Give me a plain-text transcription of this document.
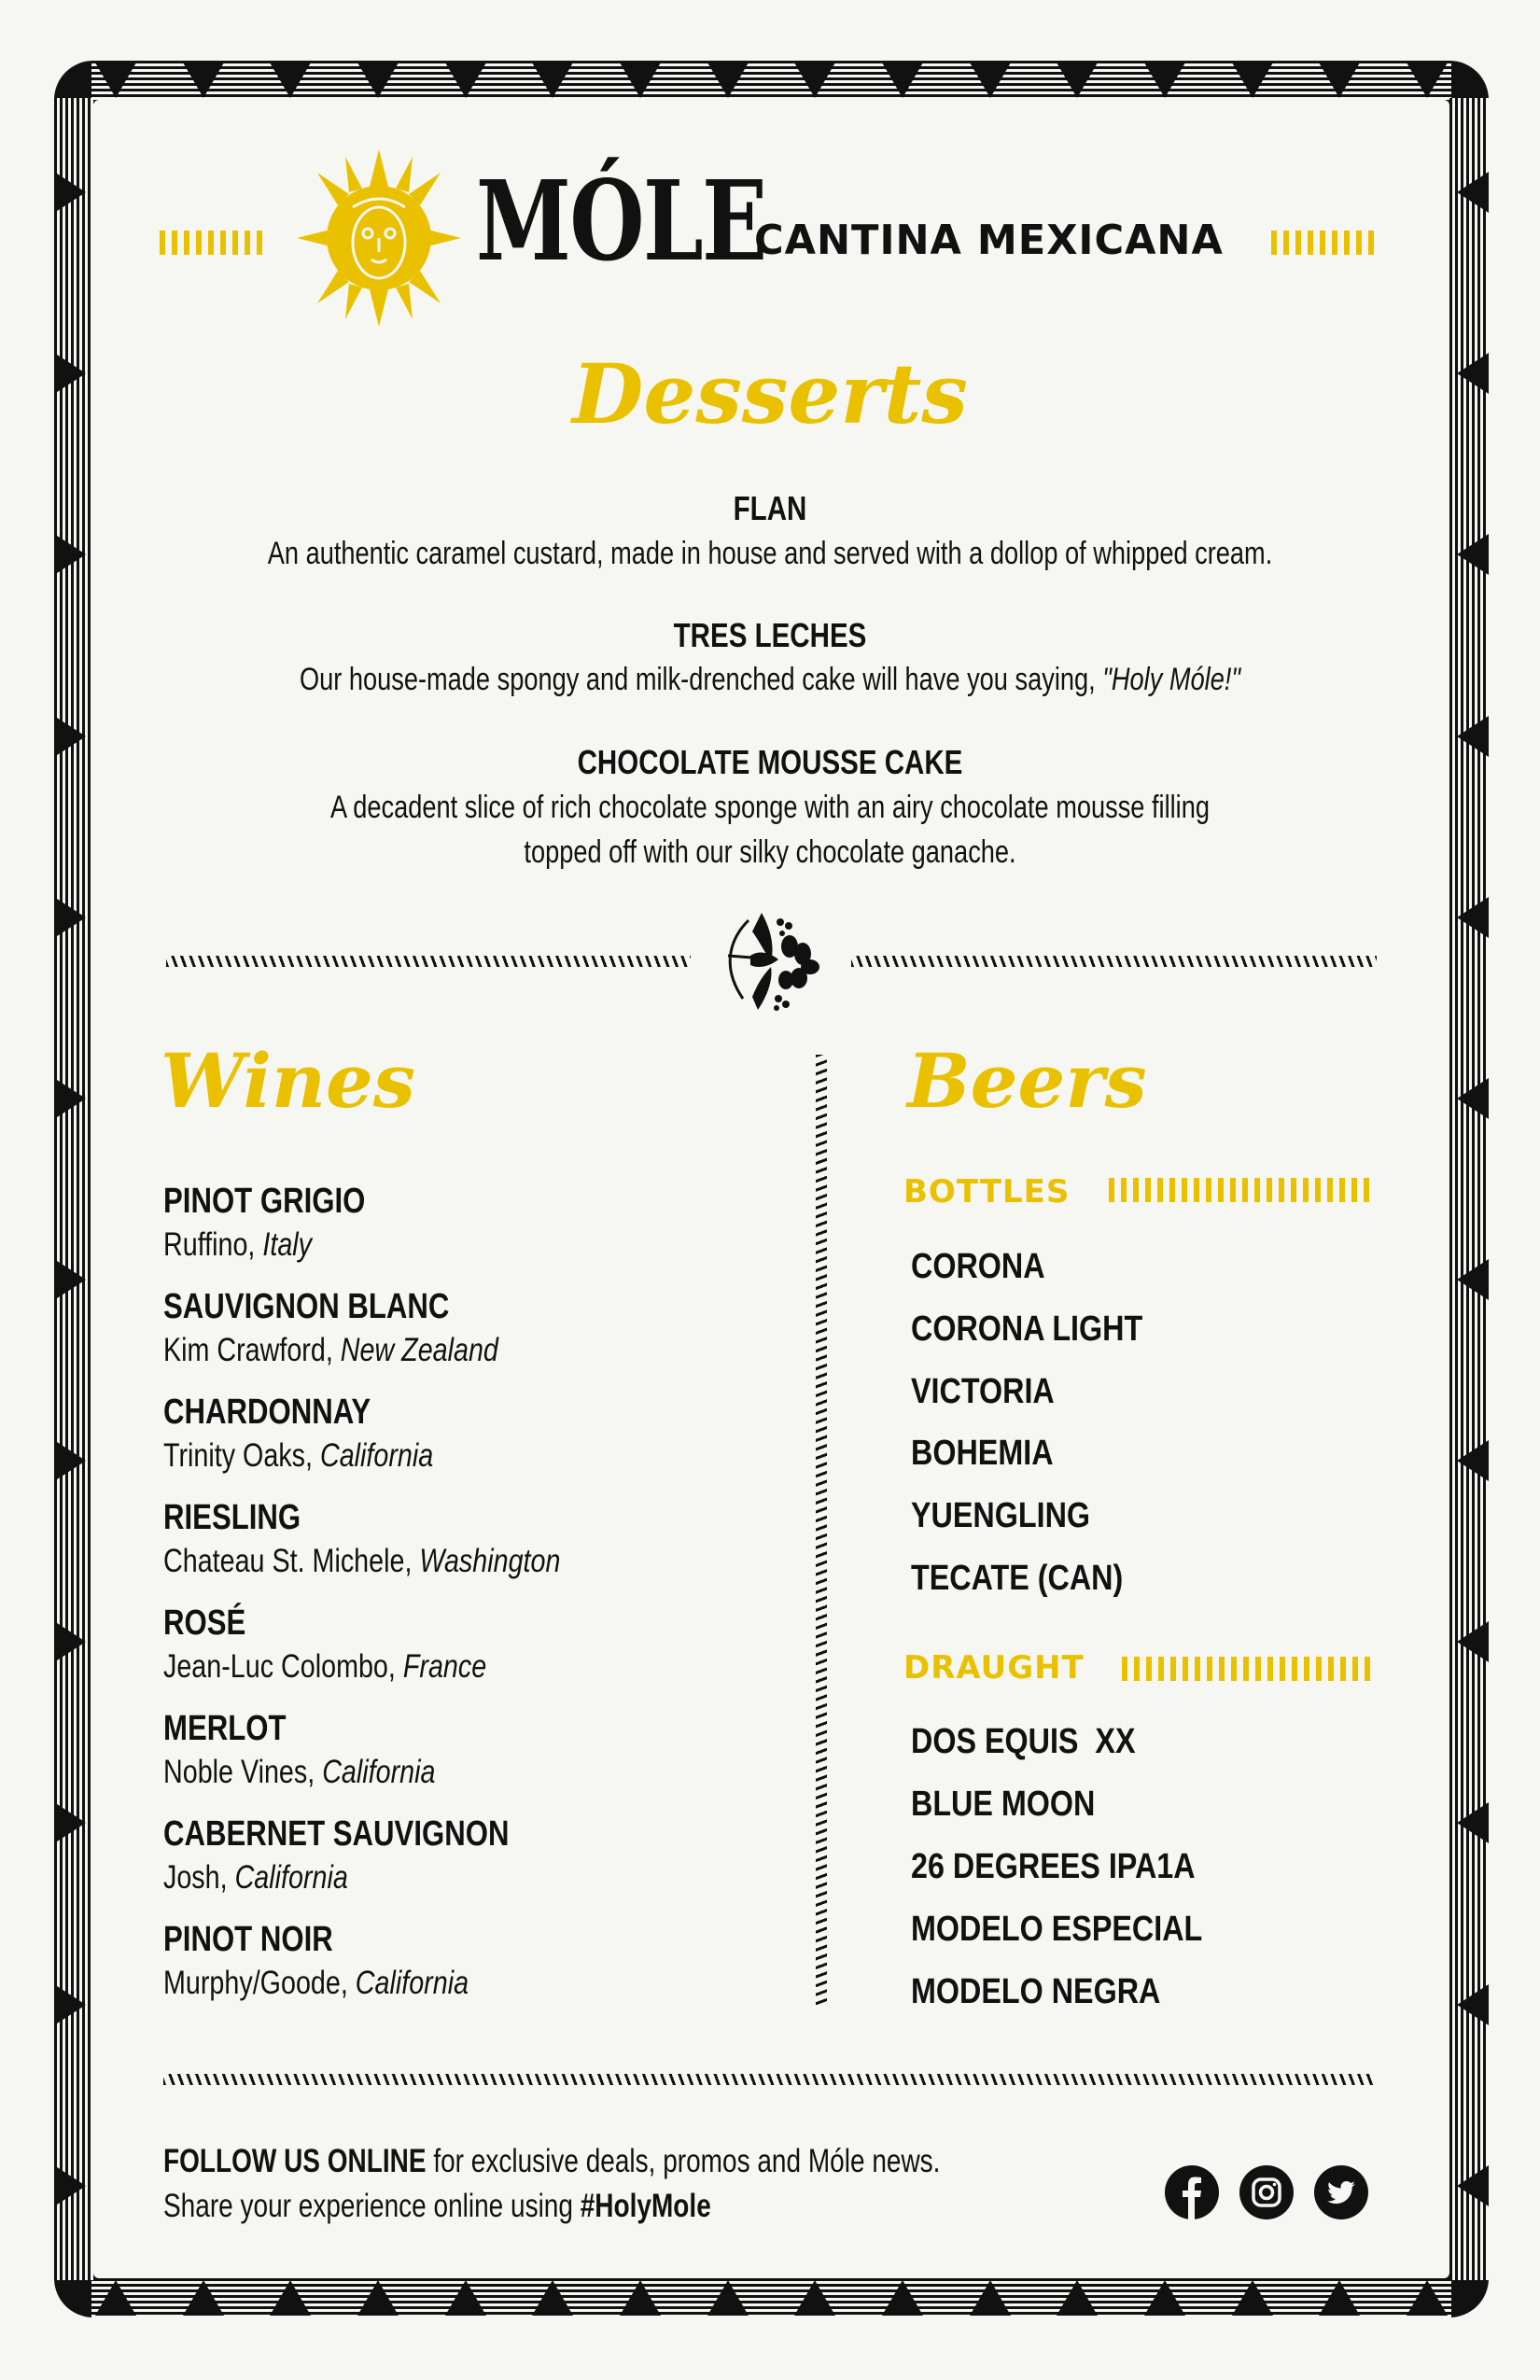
MÓLE
CANTINA MEXICANA
Desserts
FLAN
An authentic caramel custard, made in house and served with a dollop of whipped cream.
TRES LECHES
Our house-made spongy and milk-drenched cake will have you saying, "Holy Móle!"
CHOCOLATE MOUSSE CAKE
A decadent slice of rich chocolate sponge with an airy chocolate mousse filling
topped off with our silky chocolate ganache.
Wines
PINOT GRIGIO
Ruffino, Italy
SAUVIGNON BLANC
Kim Crawford, New Zealand
CHARDONNAY
Trinity Oaks, California
RIESLING
Chateau St. Michele, Washington
ROSÉ
Jean-Luc Colombo, France
MERLOT
Noble Vines, California
CABERNET SAUVIGNON
Josh, California
PINOT NOIR
Murphy/Goode, California
Beers
BOTTLES
CORONA
CORONA LIGHT
VICTORIA
BOHEMIA
YUENGLING
TECATE (CAN)
DRAUGHT
DOS EQUIS  XX
BLUE MOON
26 DEGREES IPA1A
MODELO ESPECIAL
MODELO NEGRA
FOLLOW US ONLINE for exclusive deals, promos and Móle news.
Share your experience online using #HolyMole
